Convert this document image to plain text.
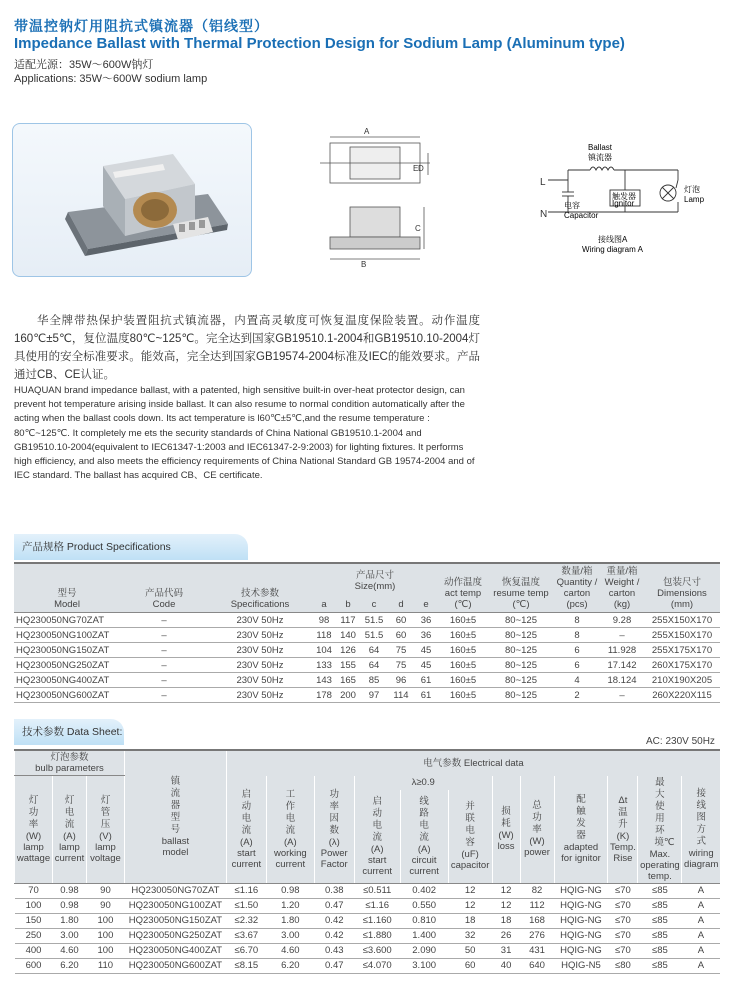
带温控钠灯用阻抗式镇流器（铝线型）
Impedance Ballast with Thermal Protection Design for Sodium Lamp (Aluminum type)
适配光源：35W～600W钠灯
Applications: 35W～600W sodium lamp
A
B
C
D
E
Ballast
镇流器
L
N
触发器
Ignitor
电容
Capacitor
灯泡
Lamp
接线图A
Wiring diagram A
华全牌带热保护装置阻抗式镇流器，内置高灵敏度可恢复温度保险装置。动作温度160℃±5℃，复位温度80℃~125℃。完全达到国家GB19510.1-2004和GB19510.10-2004灯具使用的安全标准要求。能效高，完全达到国家GB19574-2004标准及IEC的能效要求。产品通过CB、CE认证。
HUAQUAN brand impedance ballast, with a patented, high sensitive built-in over-heat protector design, can prevent hot temperature arising inside ballast. It can also resume to normal condition automatically after the acting when the ballast cools down. Its act temperature is l60℃±5℃,and the resume temperature : 80℃~125℃. It completely me ets the security standards of China National GB19510.1-2004 and GB19510.10-2004(equivalent to IEC61347-1:2003 and IEC61347-2-9:2003) for lighting fixtures. It performs high efficiency, and also meets the efficiency requirements of China National Standard GB 19574-2004 and of IEC standard. The ballast has acquired CB、CE certificate.
产品规格 Product Specifications
型号
Model	产品代码
Code	技术参数
Specifications	产品尺寸
Size(mm)					动作温度
act temp
(℃)	恢复温度
resume temp
(℃)	数量/箱
Quantity /
carton
(pcs)	重量/箱
Weight /
carton
(kg)	包装尺寸
Dimensions
(mm)
			a	b	c	d	e					
HQ230050NG70ZAT	–	230V 50Hz	98	117	51.5	60	36	160±5	80~125	8	9.28	255X150X170
HQ230050NG100ZAT	–	230V 50Hz	118	140	51.5	60	36	160±5	80~125	8	–	255X150X170
HQ230050NG150ZAT	–	230V 50Hz	104	126	64	75	45	160±5	80~125	6	11.928	255X175X170
HQ230050NG250ZAT	–	230V 50Hz	133	155	64	75	45	160±5	80~125	6	17.142	260X175X170
HQ230050NG400ZAT	–	230V 50Hz	143	165	85	96	61	160±5	80~125	4	18.124	210X190X205
HQ230050NG600ZAT	–	230V 50Hz	178	200	97	114	61	160±5	80~125	2	–	260X220X115
技术参数 Data Sheet:
AC: 230V 50Hz
灯泡参数
bulb parameters			镇流器型号
ballast
model	电气参数 Electrical data											
灯功率
(W)
lamp
wattage	灯电流
(A)
lamp
current	灯管压
(V)
lamp
voltage		启动电流
(A)
start
current	工作电流
(A)
working
current	功率因数
(λ)
Power
Factor	λ≥0.9			损耗
(W)
loss	总功率
(W)
power	配触发器
adapted
for ignitor	Δt温升
(K)
Temp.
Rise	最大使用环境℃
Max.
operating
temp.	接线图方式
wiring
diagram
							启动电流
(A)
start
current	线路电流
(A)
circuit
current	并联电容
(uF)
capacitor						
70	0.98	90	HQ230050NG70ZAT	≤1.16	0.98	0.38	≤0.511	0.402	12	12	82	HQIG-NG	≤70	≤85	A
100	0.98	90	HQ230050NG100ZAT	≤1.50	1.20	0.47	≤1.16	0.550	12	12	112	HQIG-NG	≤70	≤85	A
150	1.80	100	HQ230050NG150ZAT	≤2.32	1.80	0.42	≤1.160	0.810	18	18	168	HQIG-NG	≤70	≤85	A
250	3.00	100	HQ230050NG250ZAT	≤3.67	3.00	0.42	≤1.880	1.400	32	26	276	HQIG-NG	≤70	≤85	A
400	4.60	100	HQ230050NG400ZAT	≤6.70	4.60	0.43	≤3.600	2.090	50	31	431	HQIG-NG	≤70	≤85	A
600	6.20	110	HQ230050NG600ZAT	≤8.15	6.20	0.47	≤4.070	3.100	60	40	640	HQIG-N5	≤80	≤85	A
